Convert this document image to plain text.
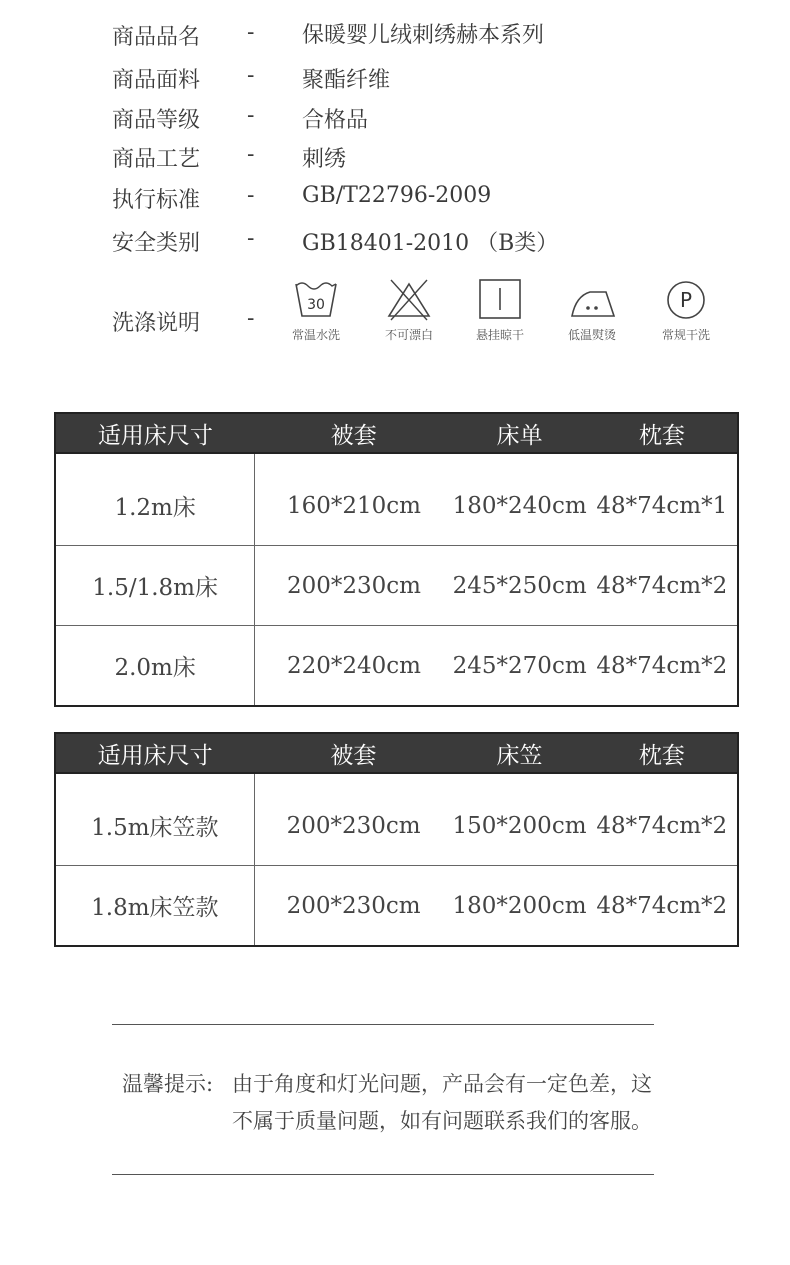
商品品名 - 保暖婴儿绒刺绣赫本系列
商品面料 - 聚酯纤维
商品等级 - 合格品
商品工艺 - 刺绣
执行标准 - GB/T22796-2009
安全类别 - GB18401-2010 （B类）
洗涤说明 -
30
常温水洗	不可漂白	悬挂晾干	低温熨烫
P
常规干洗
适用床尺寸	被套	床单	枕套
1.2m床	160*210cm	180*240cm	48*74cm*1
1.5/1.8m床	200*230cm	245*250cm	48*74cm*2
2.0m床	220*240cm	245*270cm	48*74cm*2
适用床尺寸	被套	床笠	枕套
1.5m床笠款	200*230cm	150*200cm	48*74cm*2
1.8m床笠款	200*230cm	180*200cm	48*74cm*2
温馨提示: 由于角度和灯光问题，产品会有一定色差，这
不属于质量问题，如有问题联系我们的客服。
